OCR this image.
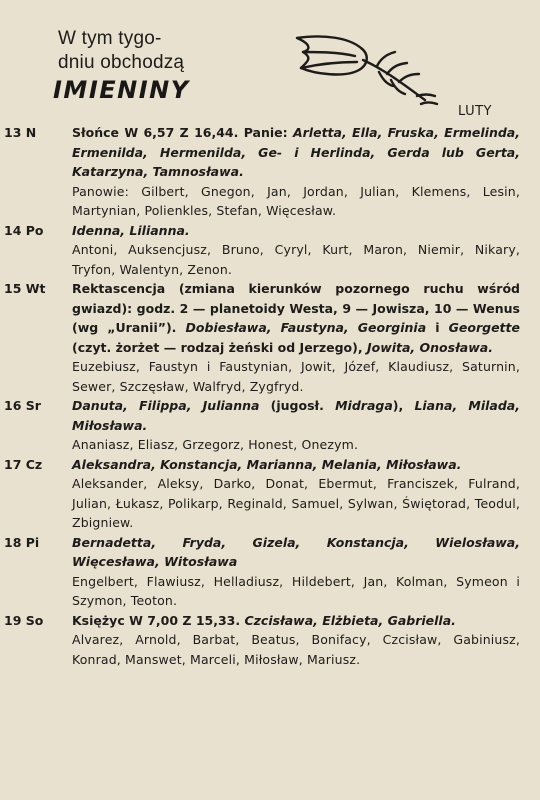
W tym tygo-
dniu obchodzą
IMIENINY
LUTY
13 N	Słońce W 6,57 Z 16,44. Panie: Arletta, Ella, Fruska, Ermelinda, Ermenilda, Hermenilda, Ge- i Herlinda, Gerda lub Gerta, Katarzyna, Tamnosława.

Panowie: Gilbert, Gnegon, Jan, Jordan, Julian, Klemens, Lesin, Martynian, Polienkles, Stefan, Więcesław.

14 Po	Idenna, Lilianna.

Antoni, Auksencjusz, Bruno, Cyryl, Kurt, Maron, Niemir, Nikary, Tryfon, Walentyn, Zenon.

15 Wt	Rektascencja (zmiana kierunków pozornego ruchu wśród gwiazd): godz. 2 — planetoidy Westa, 9 — Jowisza, 10 — Wenus (wg „Uranii”). Dobiesława, Faustyna, Georginia i Georgette (czyt. żorżet — rodzaj żeński od Jerzego), Jowita, Onosława.

Euzebiusz, Faustyn i Faustynian, Jowit, Józef, Klaudiusz, Saturnin, Sewer, Szczęsław, Walfryd, Zygfryd.

16 Sr	Danuta, Filippa, Julianna (jugosł. Midraga), Liana, Milada, Miłosława.

Ananiasz, Eliasz, Grzegorz, Honest, Onezym.

17 Cz	Aleksandra, Konstancja, Marianna, Melania, Miłosława.

Aleksander, Aleksy, Darko, Donat, Ebermut, Franciszek, Fulrand, Julian, Łukasz, Polikarp, Reginald, Samuel, Sylwan, Świętorad, Teodul, Zbigniew.

18 Pi	Bernadetta, Fryda, Gizela, Konstancja, Wielosława, Więcesława, Witosława

Engelbert, Flawiusz, Helladiusz, Hildebert, Jan, Kolman, Symeon i Szymon, Teoton.

19 So	Księżyc W 7,00 Z 15,33. Czcisława, Elżbieta, Gabriella.

Alvarez, Arnold, Barbat, Beatus, Bonifacy, Czcisław, Gabiniusz, Konrad, Manswet, Marceli, Miłosław, Mariusz.
